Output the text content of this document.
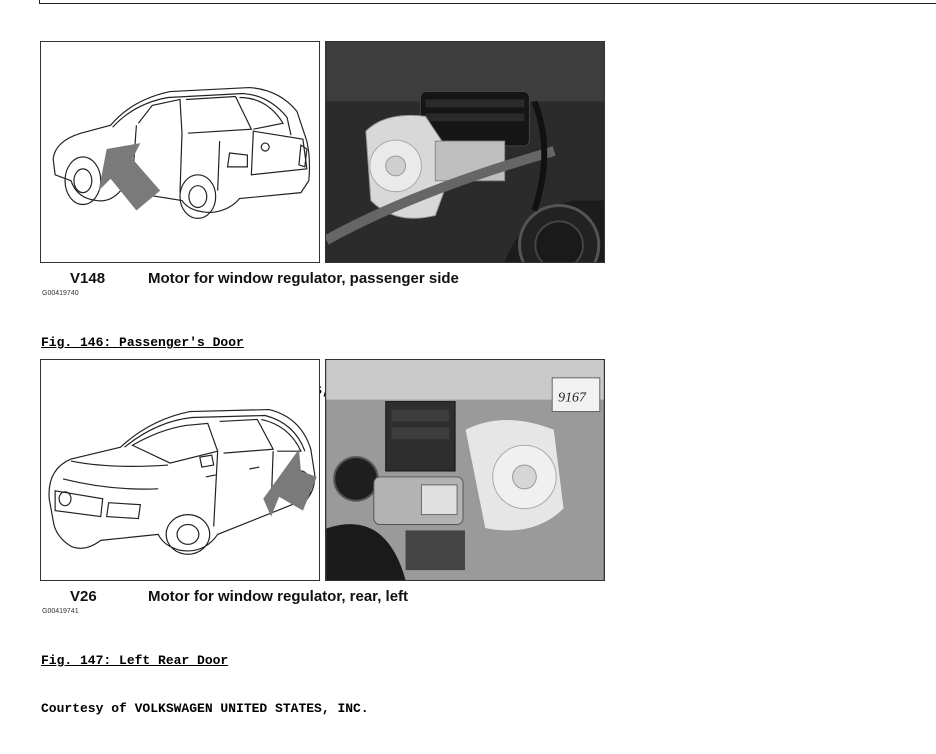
V148	Motor for window regulator, passenger side
G00419740

Fig. 146: Passenger's Door

9167
V26	Motor for window regulator, rear, left
G00419741

Fig. 147: Left Rear Door

Courtesy of VOLKSWAGEN UNITED STATES, INC.
